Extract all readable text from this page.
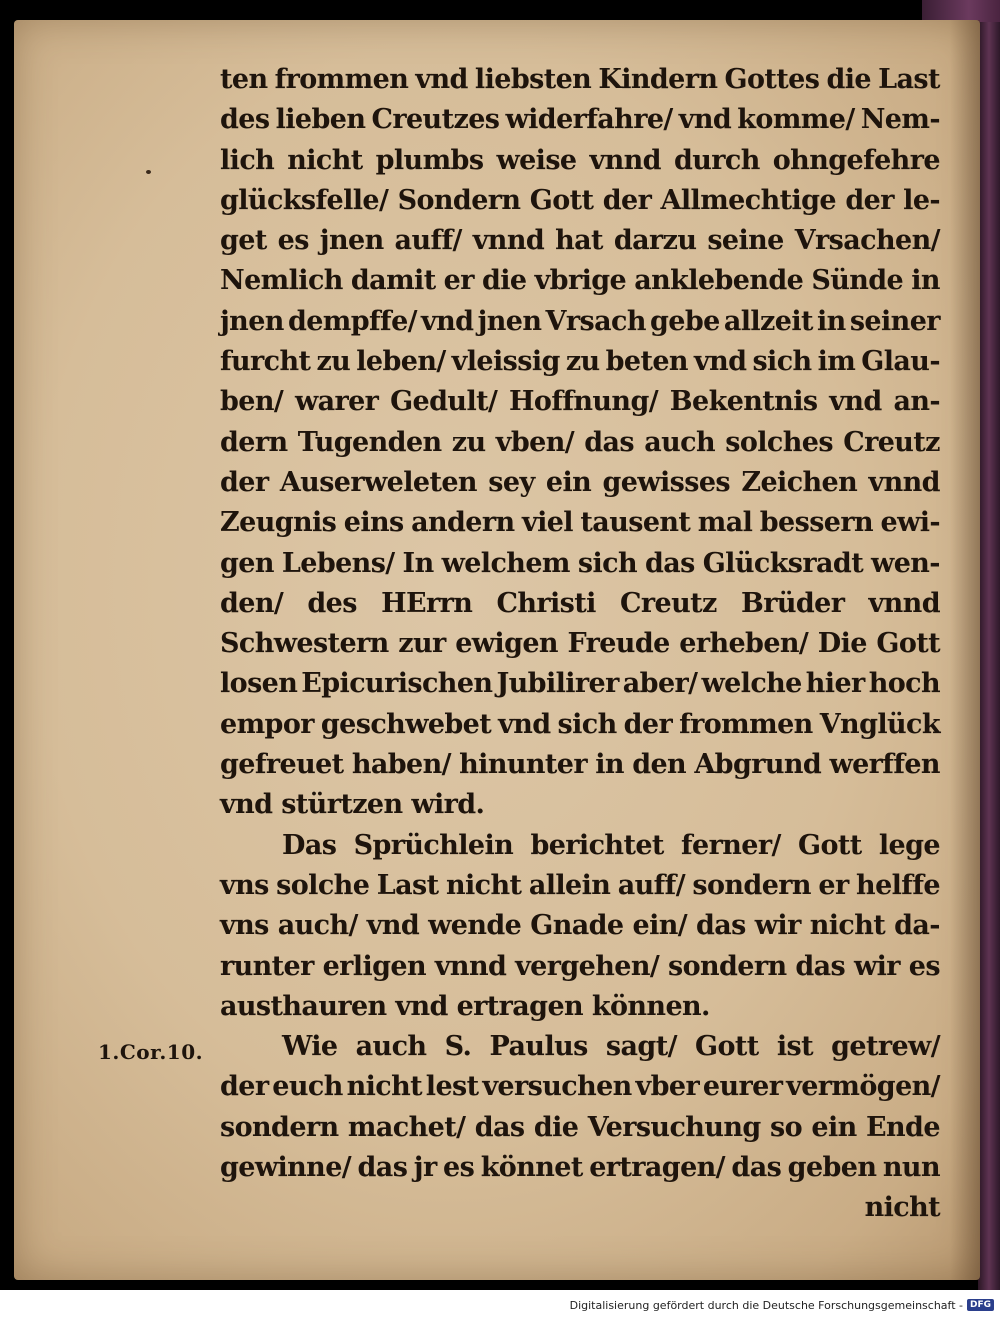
ten frommen vnd liebsten Kindern Gottes die Last
des lieben Creutzes widerfahre/ vnd komme/ Nem-
lich nicht plumbs weise vnnd durch ohngefehre
glücksfelle/ Sondern Gott der Allmechtige der le-
get es jnen auff/ vnnd hat darzu seine Vrsachen/
Nemlich damit er die vbrige anklebende Sünde in
jnen dempffe/ vnd jnen Vrsach gebe allzeit in seiner
furcht zu leben/ vleissig zu beten vnd sich im Glau-
ben/ warer Gedult/ Hoffnung/ Bekentnis vnd an-
dern Tugenden zu vben/ das auch solches Creutz
der Auserweleten sey ein gewisses Zeichen vnnd
Zeugnis eins andern viel tausent mal bessern ewi-
gen Lebens/ In welchem sich das Glücksradt wen-
den/ des HErrn Christi Creutz Brüder vnnd
Schwestern zur ewigen Freude erheben/ Die Gott
losen Epicurischen Jubilirer aber/ welche hier hoch
empor geschwebet vnd sich der frommen Vnglück
gefreuet haben/ hinunter in den Abgrund werffen
vnd stürtzen wird.
Das Sprüchlein berichtet ferner/ Gott lege
vns solche Last nicht allein auff/ sondern er helffe
vns auch/ vnd wende Gnade ein/ das wir nicht da-
runter erligen vnnd vergehen/ sondern das wir es
austhauren vnd ertragen können.
Wie auch S. Paulus sagt/ Gott ist getrew/
der euch nicht lest versuchen vber eurer vermögen/
sondern machet/ das die Versuchung so ein Ende
gewinne/ das jr es könnet ertragen/ das geben nun
nicht
1.Cor.10.
Digitalisierung gefördert durch die Deutsche Forschungsgemeinschaft - DFG
